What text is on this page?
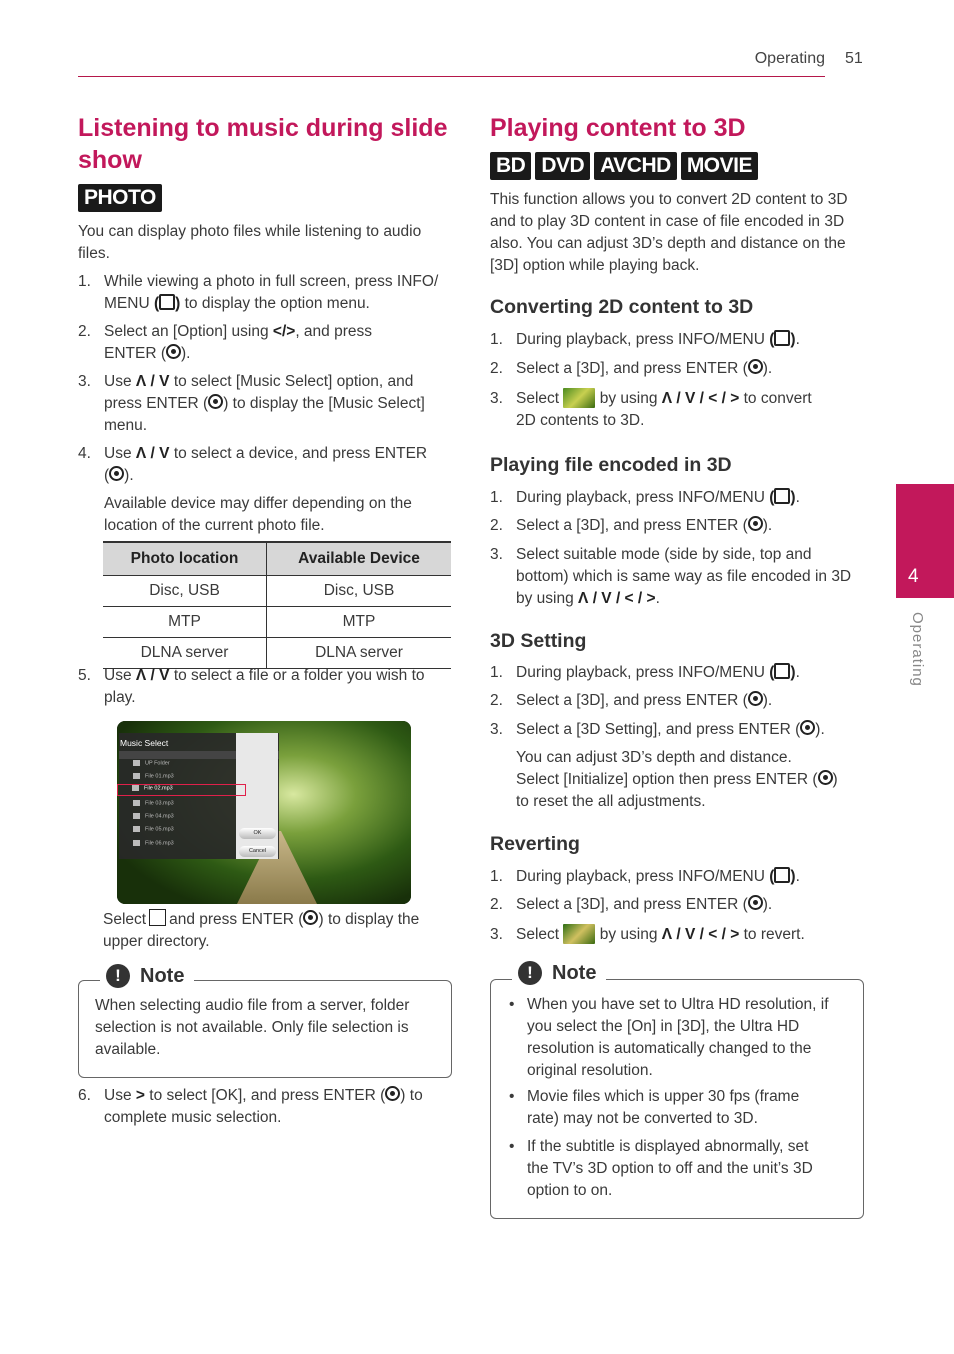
Operating 51
4
Operating
Listening to music during slide show
PHOTO

You can display photo files while listening to audio files.

1. While viewing a photo in full screen, press INFO/
MENU ( ) to display the option menu.
2. Select an [Option] using </>, and press
ENTER ( ).
3. Use Λ / V to select [Music Select] option, and
press ENTER ( ) to display the [Music Select]
menu.
4. Use Λ / V to select a device, and press ENTER
( ).

Available device may differ depending on the location of the current photo file.

Photo location	Available Device
Disc, USB	Disc, USB
MTP	MTP
DLNA server	DLNA server
5. Use Λ / V to select a file or a folder you wish to
play.
Music Select
UP Folder
File 01.mp3
File 02.mp3
File 03.mp3
File 04.mp3
File 05.mp3
File 06.mp3
OK
Cancel
Select and press ENTER ( ) to display the
upper directory.

When selecting audio file from a server, folder selection is not available. Only file selection is available.

! Note
6. Use > to select [OK], and press ENTER ( ) to
complete music selection.
Playing content to 3D
BD DVD AVCHD MOVIE

This function allows you to convert 2D content to 3D and to play 3D content in case of file encoded in 3D also. You can adjust 3D’s depth and distance on the [3D] option while playing back.

Converting 2D content to 3D
1. During playback, press INFO/MENU ( ).
2. Select a [3D], and press ENTER ( ).
3. Select	by using Λ / V / < / > to convert
2D contents to 3D.
Playing file encoded in 3D
1. During playback, press INFO/MENU ( ).
2. Select a [3D], and press ENTER ( ).
3. Select suitable mode (side by side, top and bottom) which is same way as file encoded in 3D by using Λ / V / < / >.
3D Setting
1. During playback, press INFO/MENU ( ).
2. Select a [3D], and press ENTER ( ).
3. Select a [3D Setting], and press ENTER ( ).
You can adjust 3D’s depth and distance.
Select [Initialize] option then press ENTER ( )
to reset the all adjustments.
Reverting
1. During playback, press INFO/MENU ( ).
2. Select a [3D], and press ENTER ( ).
3. Select	by using Λ / V / < / > to revert.
• When you have set to Ultra HD resolution, if you select the [On] in [3D], the Ultra HD resolution is automatically changed to the original resolution.
• Movie files which is upper 30 fps (frame rate) may not be converted to 3D.
• If the subtitle is displayed abnormally, set the TV’s 3D option to off and the unit’s 3D option to on.
! Note
